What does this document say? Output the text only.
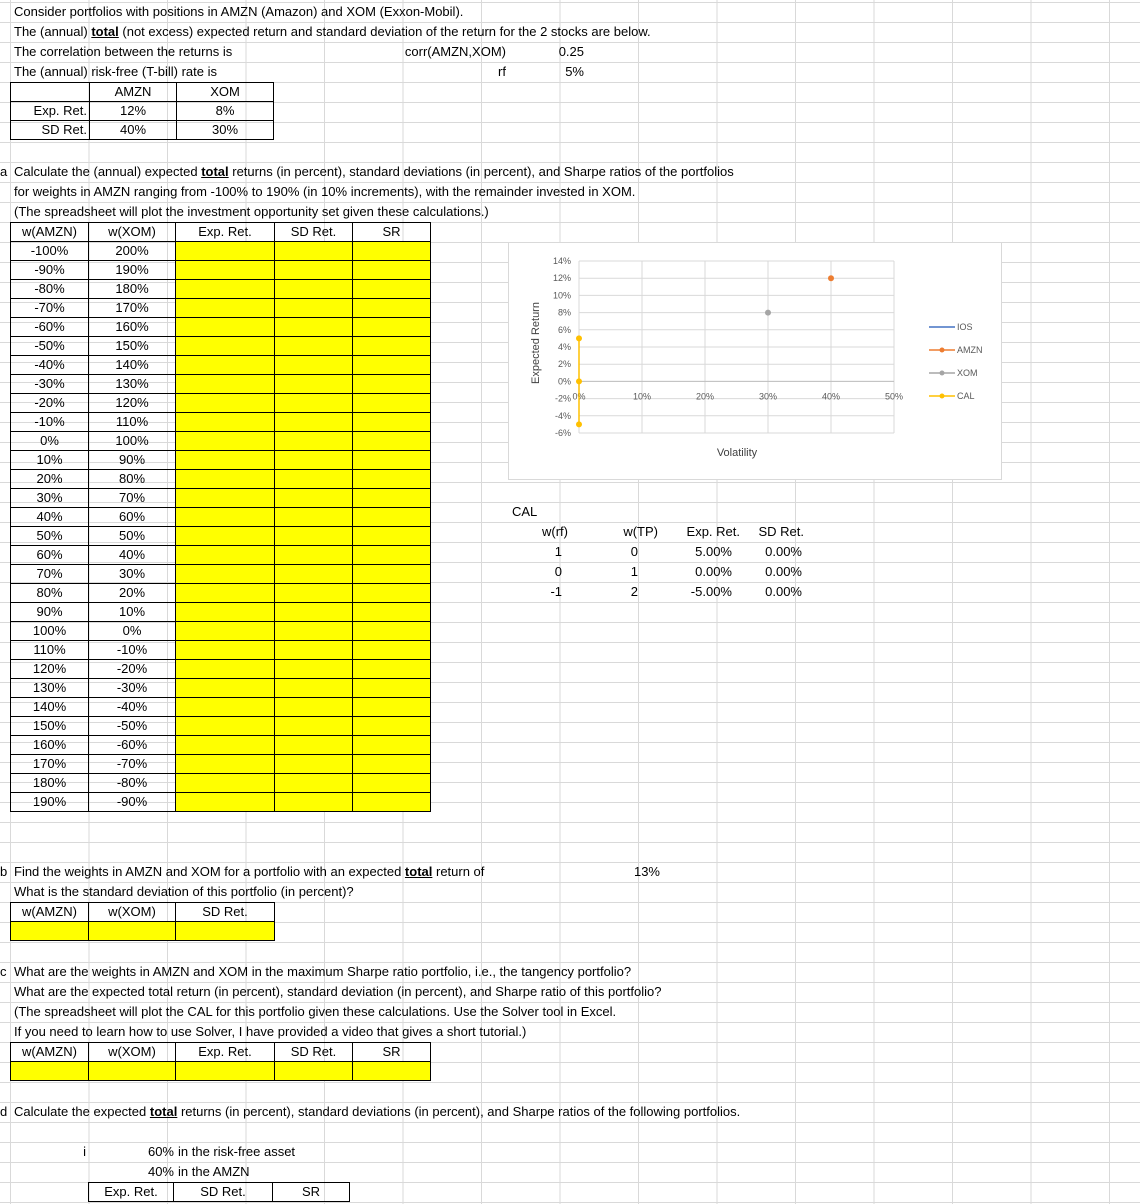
Consider portfolios with positions in AMZN (Amazon) and XOM (Exxon-Mobil).
The (annual) total (not excess) expected return and standard deviation of the return for the 2 stocks are below.
The correlation between the returns is	corr(AMZN,XOM)	0.25
The (annual) risk-free (T-bill) rate is	rf	5%
	AMZN	XOM
Exp. Ret.	12%	8%
SD Ret.	40%	30%
a Calculate the (annual) expected total returns (in percent), standard deviations (in percent), and Sharpe ratios of the portfolios
for weights in AMZN ranging from -100% to 190% (in 10% increments), with the remainder invested in XOM.
(The spreadsheet will plot the investment opportunity set given these calculations.)
w(AMZN)	w(XOM)	Exp. Ret.	SD Ret.	SR
-100%	200%			
-90%	190%			
-80%	180%			
-70%	170%			
-60%	160%			
-50%	150%			
-40%	140%			
-30%	130%			
-20%	120%			
-10%	110%			
0%	100%			
10%	90%			
20%	80%			
30%	70%			
40%	60%			
50%	50%			
60%	40%			
70%	30%			
80%	20%			
90%	10%			
100%	0%			
110%	-10%			
120%	-20%			
130%	-30%			
140%	-40%			
150%	-50%			
160%	-60%			
170%	-70%			
180%	-80%			
190%	-90%			
14%
12%
10%
8%
6%
4%
2%
0%
-2%
-4%
-6%
0%	10%	20%	30%	40%	50%
IOS
AMZN
XOM
CAL
Expected Return
Volatility
CAL
w(rf)	w(TP)	Exp. Ret.	SD Ret.
1	0	5.00%	0.00%
0	1	0.00%	0.00%
-1	2	-5.00%	0.00%
b Find the weights in AMZN and XOM for a portfolio with an expected total return of	13%
What is the standard deviation of this portfolio (in percent)?
w(AMZN)	w(XOM)	SD Ret.

c What are the weights in AMZN and XOM in the maximum Sharpe ratio portfolio, i.e., the tangency portfolio?
What are the expected total return (in percent), standard deviation (in percent), and Sharpe ratio of this portfolio?
(The spreadsheet will plot the CAL for this portfolio given these calculations. Use the Solver tool in Excel.
If you need to learn how to use Solver, I have provided a video that gives a short tutorial.)
w(AMZN)	w(XOM)	Exp. Ret.	SD Ret.	SR

d Calculate the expected total returns (in percent), standard deviations (in percent), and Sharpe ratios of the following portfolios.
i	60% in the risk-free asset
40% in the AMZN
Exp. Ret.	SD Ret.	SR
